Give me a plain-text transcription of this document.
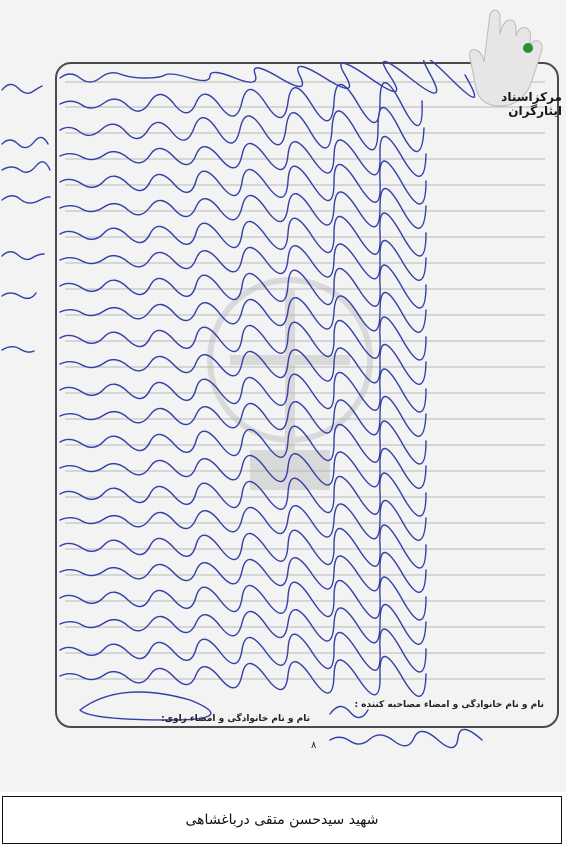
مرکزاسناد ایثارگران
نام و نام خانوادگی و امضاء مصاحبه کننده :
نام و نام خانوادگی و امضاء راوی:
۸
شهید سیدحسن متقی درباغشاهی
